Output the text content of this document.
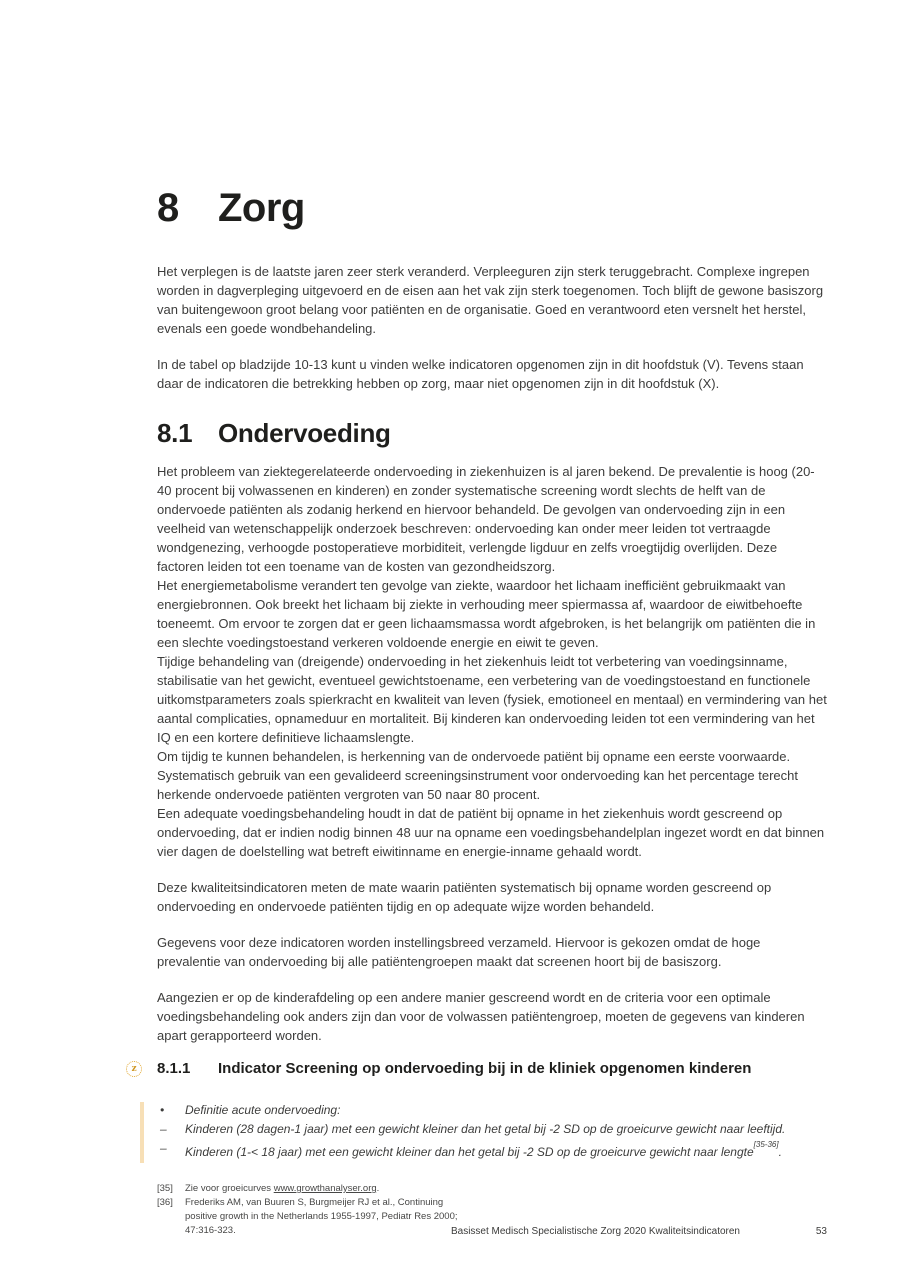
8 Zorg

Het verplegen is de laatste jaren zeer sterk veranderd. Verpleeguren zijn sterk teruggebracht. Complexe ingrepen worden in dagverpleging uitgevoerd en de eisen aan het vak zijn sterk toegenomen. Toch blijft de gewone basiszorg van buitengewoon groot belang voor patiënten en de organisatie. Goed en verantwoord eten versnelt het herstel, evenals een goede wondbehandeling.

In de tabel op bladzijde 10-13 kunt u vinden welke indicatoren opgenomen zijn in dit hoofdstuk (V). Tevens staan daar de indicatoren die betrekking hebben op zorg, maar niet opgenomen zijn in dit hoofdstuk (X).

8.1 Ondervoeding

Het probleem van ziektegerelateerde ondervoeding in ziekenhuizen is al jaren bekend. De prevalentie is hoog (20-40 procent bij volwassenen en kinderen) en zonder systematische screening wordt slechts de helft van de ondervoede patiënten als zodanig herkend en hiervoor behandeld. De gevolgen van ondervoeding zijn in een veelheid van wetenschappelijk onderzoek beschreven: ondervoeding kan onder meer leiden tot vertraagde wondgenezing, verhoogde postoperatieve morbiditeit, verlengde ligduur en zelfs vroegtijdig overlijden. Deze factoren leiden tot een toename van de kosten van gezondheidszorg.

Het energiemetabolisme verandert ten gevolge van ziekte, waardoor het lichaam inefficiënt gebruikmaakt van energiebronnen. Ook breekt het lichaam bij ziekte in verhouding meer spiermassa af, waardoor de eiwitbehoefte toeneemt. Om ervoor te zorgen dat er geen lichaamsmassa wordt afgebroken, is het belangrijk om patiënten die in een slechte voedingstoestand verkeren voldoende energie en eiwit te geven.

Tijdige behandeling van (dreigende) ondervoeding in het ziekenhuis leidt tot verbetering van voedingsinname, stabilisatie van het gewicht, eventueel gewichtstoename, een verbetering van de voedingstoestand en functionele uitkomstparameters zoals spierkracht en kwaliteit van leven (fysiek, emotioneel en mentaal) en vermindering van het aantal complicaties, opnameduur en mortaliteit. Bij kinderen kan ondervoeding leiden tot een vermindering van het IQ en een kortere definitieve lichaamslengte.

Om tijdig te kunnen behandelen, is herkenning van de ondervoede patiënt bij opname een eerste voorwaarde. Systematisch gebruik van een gevalideerd screeningsinstrument voor ondervoeding kan het percentage terecht herkende ondervoede patiënten vergroten van 50 naar 80 procent.

Een adequate voedingsbehandeling houdt in dat de patiënt bij opname in het ziekenhuis wordt gescreend op ondervoeding, dat er indien nodig binnen 48 uur na opname een voedingsbehandelplan ingezet wordt en dat binnen vier dagen de doelstelling wat betreft eiwitinname en energie-inname gehaald wordt.

Deze kwaliteitsindicatoren meten de mate waarin patiënten systematisch bij opname worden gescreend op ondervoeding en ondervoede patiënten tijdig en op adequate wijze worden behandeld.

Gegevens voor deze indicatoren worden instellingsbreed verzameld. Hiervoor is gekozen omdat de hoge prevalentie van ondervoeding bij alle patiëntengroepen maakt dat screenen hoort bij de basiszorg.

Aangezien er op de kinderafdeling op een andere manier gescreend wordt en de criteria voor een optimale voedingsbehandeling ook anders zijn dan voor de volwassen patiëntengroep, moeten de gegevens van kinderen apart gerapporteerd worden.

z 8.1.1	Indicator Screening op ondervoeding bij in de kliniek opgenomen kinderen
•	Definitie acute ondervoeding:
–	Kinderen (28 dagen-1 jaar) met een gewicht kleiner dan het getal bij -2 SD op de groeicurve gewicht naar leeftijd.
–	Kinderen (1-< 18 jaar) met een gewicht kleiner dan het getal bij -2 SD op de groeicurve gewicht naar lengte[35-36].
[35]	Zie voor groeicurves www.growthanalyser.org.
[36]	Frederiks AM, van Buuren S, Burgmeijer RJ et al., Continuing positive growth in the Netherlands 1955-1997, Pediatr Res 2000; 47:316-323.	Basisset Medisch Specialistische Zorg 2020 Kwaliteitsindicatoren	53
